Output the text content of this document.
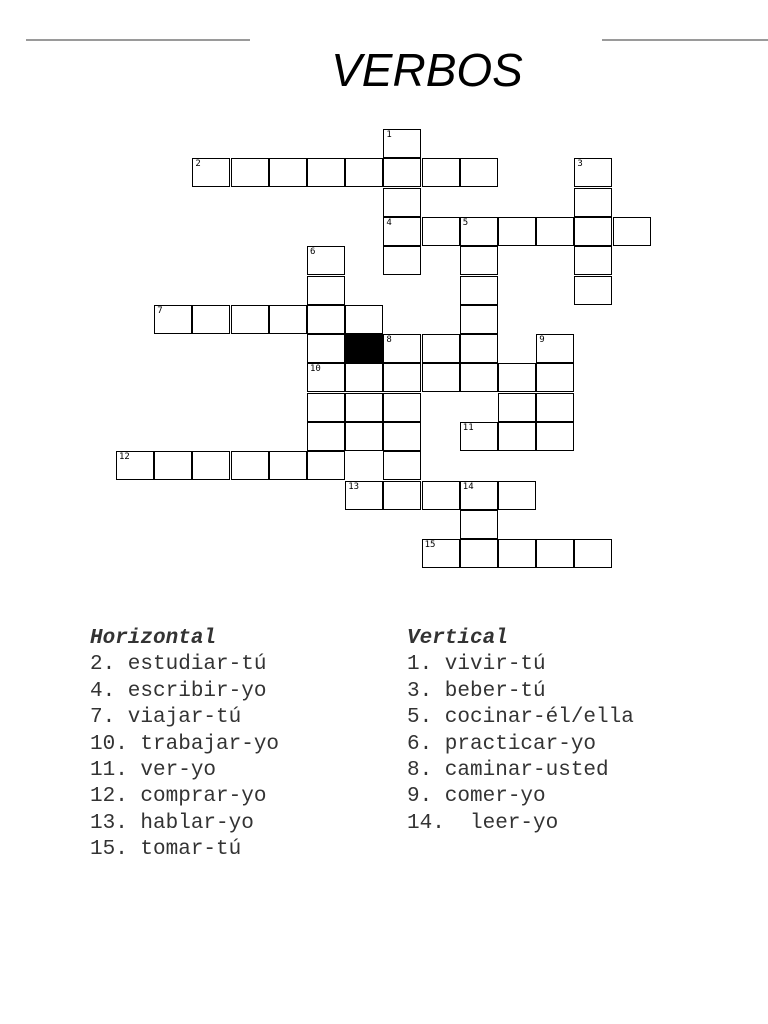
VERBOS
2
4	5
7
10
11
12
13	14
15
1
3
6
8	9
Horizontal
2. estudiar-tú
4. escribir-yo
7. viajar-tú
10. trabajar-yo
11. ver-yo
12. comprar-yo
13. hablar-yo
15. tomar-tú
Vertical
1. vivir-tú
3. beber-tú
5. cocinar-él/ella
6. practicar-yo
8. caminar-usted
9. comer-yo
14.  leer-yo
